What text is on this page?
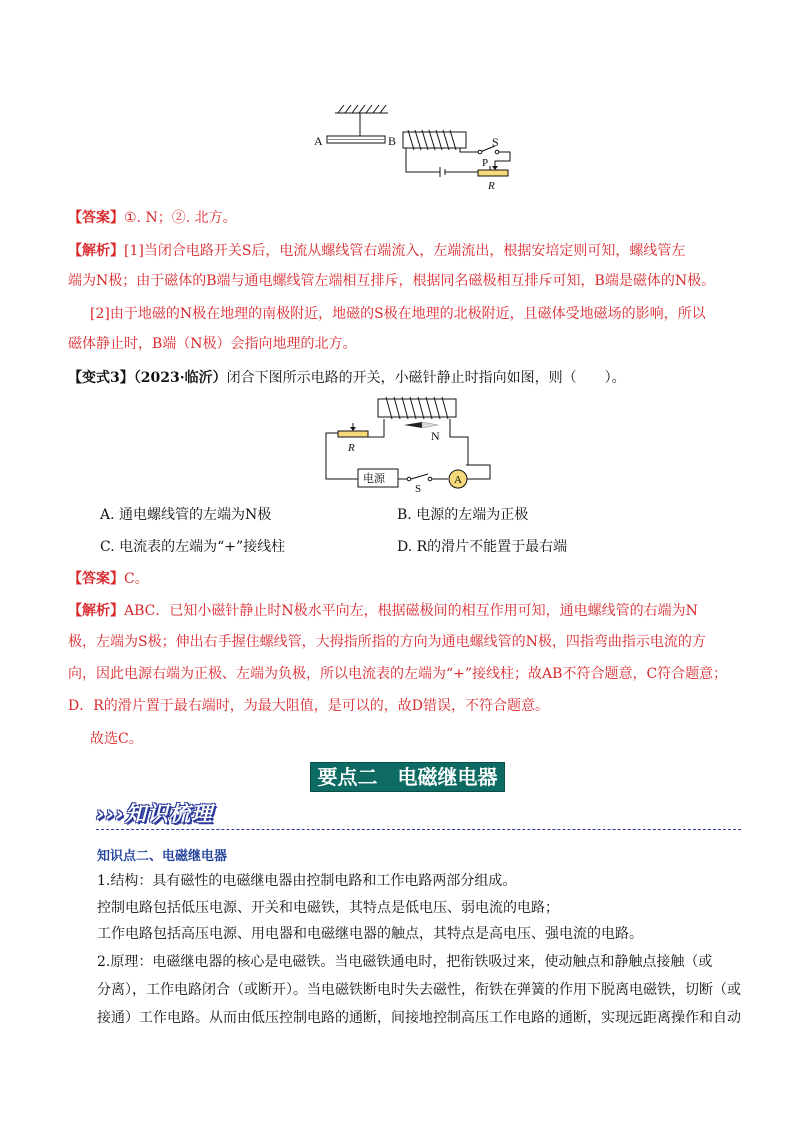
A	B	S
P
R
【答案】①. N；②. 北方。
【解析】[1]当闭合电路开关S后，电流从螺线管右端流入，左端流出，根据安培定则可知，螺线管左
端为N极；由于磁体的B端与通电螺线管左端相互排斥，根据同名磁极相互排斥可知，B端是磁体的N极。
[2]由于地磁的N极在地理的南极附近，地磁的S极在地理的北极附近，且磁体受地磁场的影响，所以
磁体静止时，B端（N极）会指向地理的北方。
【变式3】（2023·临沂）闭合下图所示电路的开关，小磁针静止时指向如图，则（　　）。
R
N
电源
S
A
A. 通电螺线管的左端为N极	B. 电源的左端为正极
C. 电流表的左端为“+”接线柱	D. R的滑片不能置于最右端
【答案】C。
【解析】ABC．已知小磁针静止时N极水平向左，根据磁极间的相互作用可知，通电螺线管的右端为N
极，左端为S极；伸出右手握住螺线管，大拇指所指的方向为通电螺线管的N极，四指弯曲指示电流的方
向，因此电源右端为正极、左端为负极，所以电流表的左端为“+”接线柱；故AB不符合题意，C符合题意；
D．R的滑片置于最右端时，为最大阻值，是可以的，故D错误，不符合题意。
故选C。
要点二　电磁继电器
›››知识梳理
知识点二、电磁继电器
1.结构：具有磁性的电磁继电器由控制电路和工作电路两部分组成。
控制电路包括低压电源、开关和电磁铁，其特点是低电压、弱电流的电路；
工作电路包括高压电源、用电器和电磁继电器的触点，其特点是高电压、强电流的电路。
2.原理：电磁继电器的核心是电磁铁。当电磁铁通电时，把衔铁吸过来，使动触点和静触点接触（或
分离），工作电路闭合（或断开）。当电磁铁断电时失去磁性，衔铁在弹簧的作用下脱离电磁铁，切断（或
接通）工作电路。从而由低压控制电路的通断，间接地控制高压工作电路的通断，实现远距离操作和自动
